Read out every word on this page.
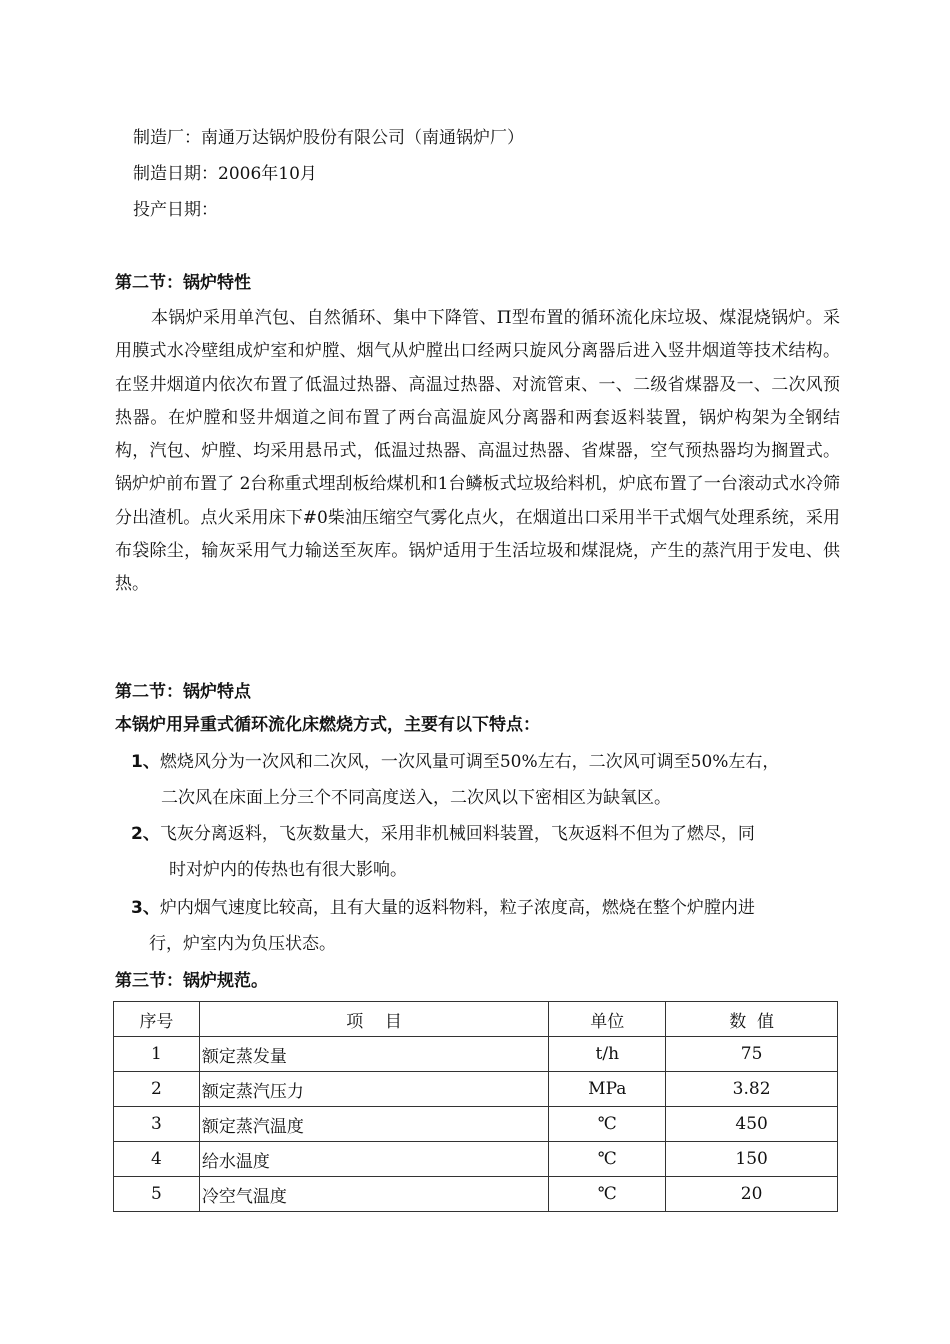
制造厂：南通万达锅炉股份有限公司（南通锅炉厂）
制造日期：2006年10月
投产日期：
第二节：锅炉特性

本锅炉采用单汽包、自然循环、集中下降管、Π型布置的循环流化床垃圾、煤混烧锅炉。采用膜式水冷壁组成炉室和炉膛、烟气从炉膛出口经两只旋风分离器后进入竖井烟道等技术结构。在竖井烟道内依次布置了低温过热器、高温过热器、对流管束、一、二级省煤器及一、二次风预热器。在炉膛和竖井烟道之间布置了两台高温旋风分离器和两套返料装置，锅炉构架为全钢结构，汽包、炉膛、均采用悬吊式，低温过热器、高温过热器、省煤器，空气预热器均为搁置式。锅炉炉前布置了 2台称重式埋刮板给煤机和1台鳞板式垃圾给料机，炉底布置了一台滚动式水冷筛分出渣机。点火采用床下#0柴油压缩空气雾化点火，在烟道出口采用半干式烟气处理系统，采用布袋除尘，输灰采用气力输送至灰库。锅炉适用于生活垃圾和煤混烧，产生的蒸汽用于发电、供热。

第二节：锅炉特点
本锅炉用异重式循环流化床燃烧方式，主要有以下特点：
1、燃烧风分为一次风和二次风，一次风量可调至50%左右，二次风可调至50%左右，
二次风在床面上分三个不同高度送入，二次风以下密相区为缺氧区。
2、飞灰分离返料，飞灰数量大，采用非机械回料装置，飞灰返料不但为了燃尽，同
时对炉内的传热也有很大影响。
3、炉内烟气速度比较高，且有大量的返料物料，粒子浓度高，燃烧在整个炉膛内进
行，炉室内为负压状态。
第三节：锅炉规范。
序号	项    目	单位	数  值
1	额定蒸发量	t/h	75
2	额定蒸汽压力	MPa	3.82
3	额定蒸汽温度	℃	450
4	给水温度	℃	150
5	冷空气温度	℃	20
